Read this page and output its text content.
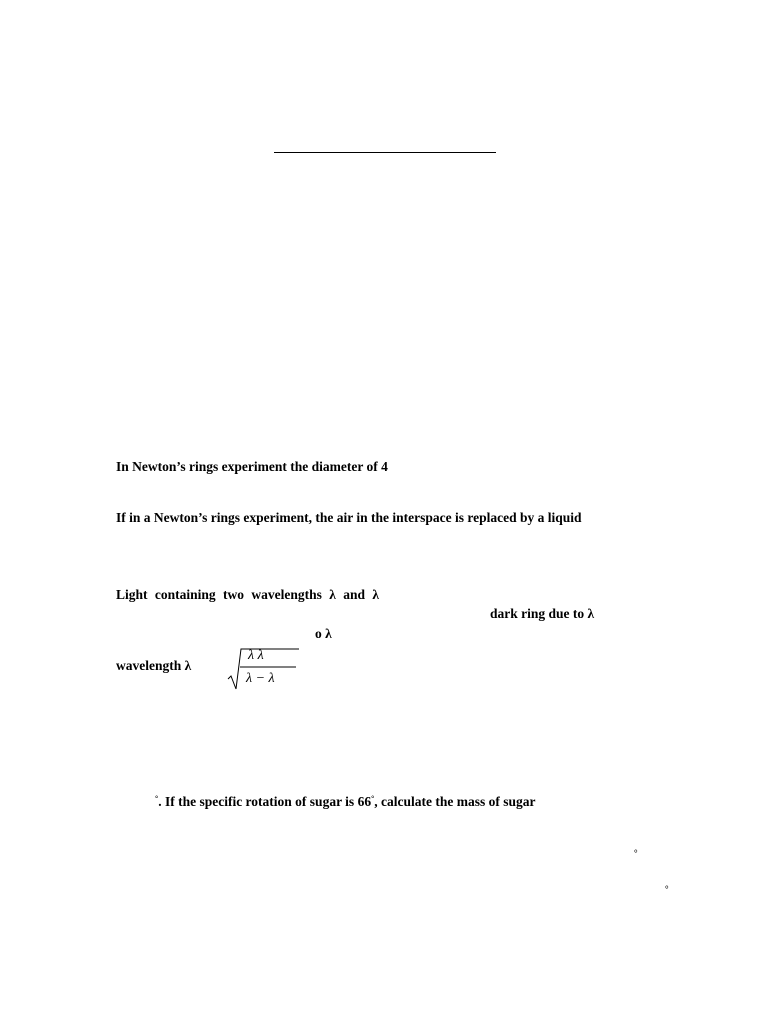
In Newton’s rings experiment the diameter of 4
If in a Newton’s rings experiment, the air in the interspace is replaced by a liquid
Light containing two wavelengths λ and λ
dark ring due to λ
o λ
wavelength λ
λ λ
λ − λ
°. If the specific rotation of sugar is 66°, calculate the mass of sugar
°
°
